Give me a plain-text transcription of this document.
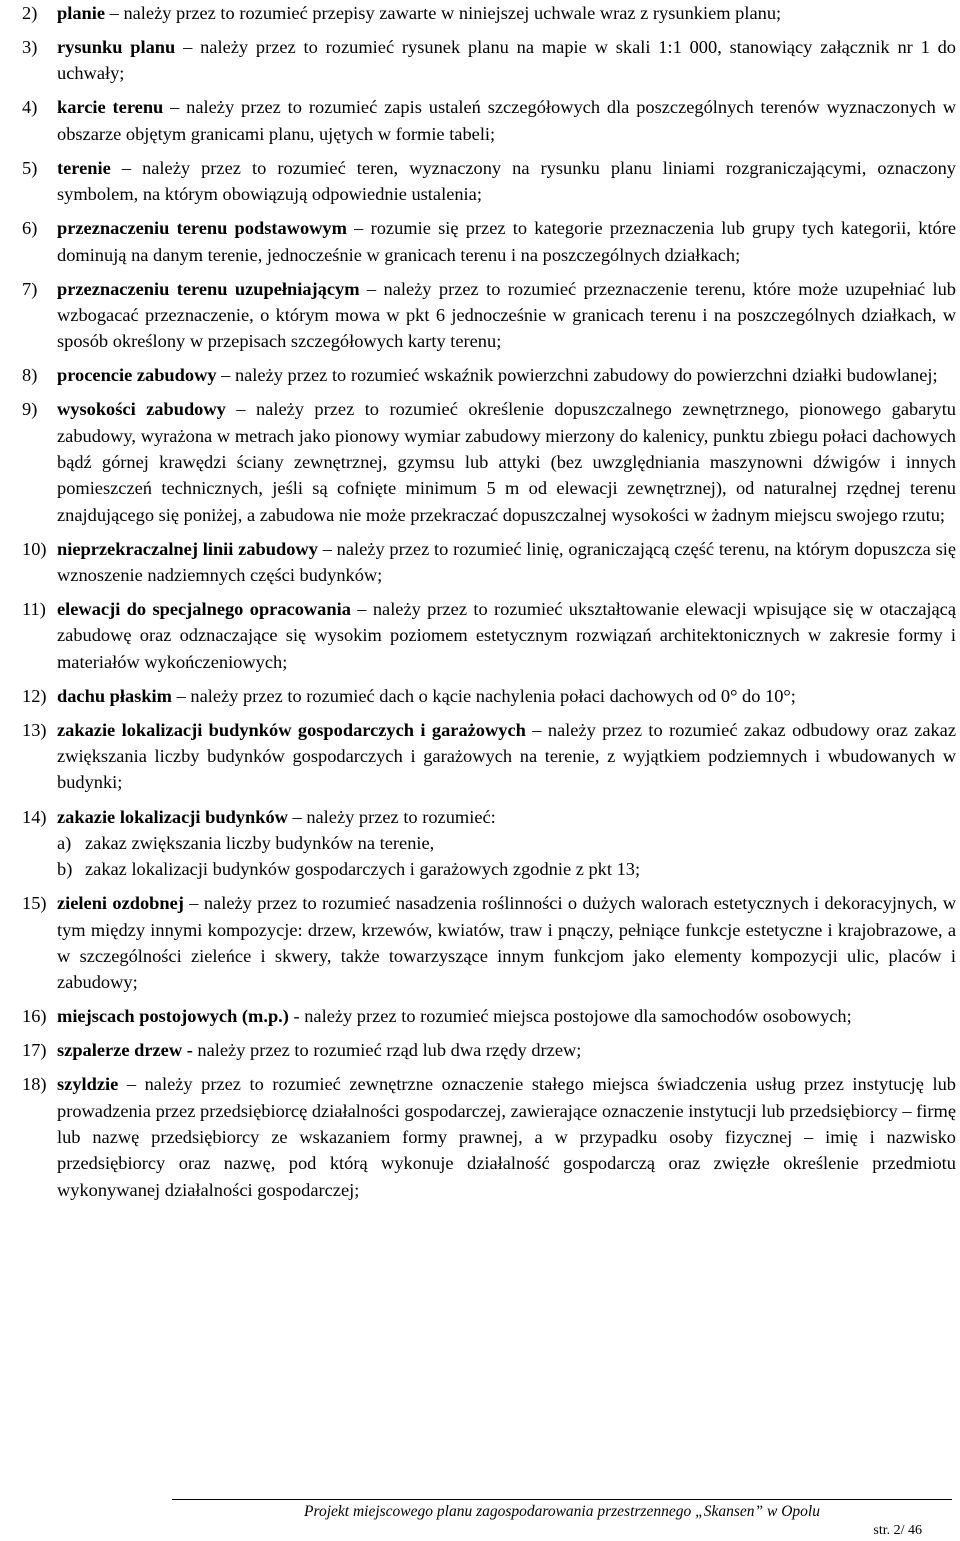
2)	planie – należy przez to rozumieć przepisy zawarte w niniejszej uchwale wraz z rysunkiem planu;
3)	rysunku planu – należy przez to rozumieć rysunek planu na mapie w skali 1:1 000, stanowiący załącznik nr 1 do uchwały;
4)	karcie terenu – należy przez to rozumieć zapis ustaleń szczegółowych dla poszczególnych terenów wyznaczonych w obszarze objętym granicami planu, ujętych w formie tabeli;
5)	terenie – należy przez to rozumieć teren, wyznaczony na rysunku planu liniami rozgraniczającymi, oznaczony symbolem, na którym obowiązują odpowiednie ustalenia;
6)	przeznaczeniu terenu podstawowym – rozumie się przez to kategorie przeznaczenia lub grupy tych kategorii, które dominują na danym terenie, jednocześnie w granicach terenu i na poszczególnych działkach;
7)	przeznaczeniu terenu uzupełniającym – należy przez to rozumieć przeznaczenie terenu, które może uzupełniać lub wzbogacać przeznaczenie, o którym mowa w pkt 6 jednocześnie w granicach terenu i na poszczególnych działkach, w sposób określony w przepisach szczegółowych karty terenu;
8)	procencie zabudowy – należy przez to rozumieć wskaźnik powierzchni zabudowy do powierzchni działki budowlanej;
9)	wysokości zabudowy – należy przez to rozumieć określenie dopuszczalnego zewnętrznego, pionowego gabarytu zabudowy, wyrażona w metrach jako pionowy wymiar zabudowy mierzony do kalenicy, punktu zbiegu połaci dachowych bądź górnej krawędzi ściany zewnętrznej, gzymsu lub attyki (bez uwzględniania maszynowni dźwigów i innych pomieszczeń technicznych, jeśli są cofnięte minimum 5 m od elewacji zewnętrznej), od naturalnej rzędnej terenu znajdującego się poniżej, a zabudowa nie może przekraczać dopuszczalnej wysokości w żadnym miejscu swojego rzutu;
10) nieprzekraczalnej linii zabudowy – należy przez to rozumieć linię, ograniczającą część terenu, na którym dopuszcza się wznoszenie nadziemnych części budynków;
11) elewacji do specjalnego opracowania – należy przez to rozumieć ukształtowanie elewacji wpisujące się w otaczającą zabudowę oraz odznaczające się wysokim poziomem estetycznym rozwiązań architektonicznych w zakresie formy i materiałów wykończeniowych;
12) dachu płaskim – należy przez to rozumieć dach o kącie nachylenia połaci dachowych od 0° do 10°;
13) zakazie lokalizacji budynków gospodarczych i garażowych – należy przez to rozumieć zakaz odbudowy oraz zakaz zwiększania liczby budynków gospodarczych i garażowych na terenie, z wyjątkiem podziemnych i wbudowanych w budynki;
14) zakazie lokalizacji budynków – należy przez to rozumieć:
a) zakaz zwiększania liczby budynków na terenie,
b) zakaz lokalizacji budynków gospodarczych i garażowych zgodnie z pkt 13;
15) zieleni ozdobnej – należy przez to rozumieć nasadzenia roślinności o dużych walorach estetycznych i dekoracyjnych, w tym między innymi kompozycje: drzew, krzewów, kwiatów, traw i pnączy, pełniące funkcje estetyczne i krajobrazowe, a w szczególności zieleńce i skwery, także towarzyszące innym funkcjom jako elementy kompozycji ulic, placów i zabudowy;
16) miejscach postojowych (m.p.) - należy przez to rozumieć miejsca postojowe dla samochodów osobowych;
17) szpalerze drzew - należy przez to rozumieć rząd lub dwa rzędy drzew;
18) szyldzie – należy przez to rozumieć zewnętrzne oznaczenie stałego miejsca świadczenia usług przez instytucję lub prowadzenia przez przedsiębiorcę działalności gospodarczej, zawierające oznaczenie instytucji lub przedsiębiorcy – firmę lub nazwę przedsiębiorcy ze wskazaniem formy prawnej, a w przypadku osoby fizycznej – imię i nazwisko przedsiębiorcy oraz nazwę, pod którą wykonuje działalność gospodarczą oraz zwięzłe określenie przedmiotu wykonywanej działalności gospodarczej;
Projekt miejscowego planu zagospodarowania przestrzennego „Skansen” w Opolu
str. 2/ 46
